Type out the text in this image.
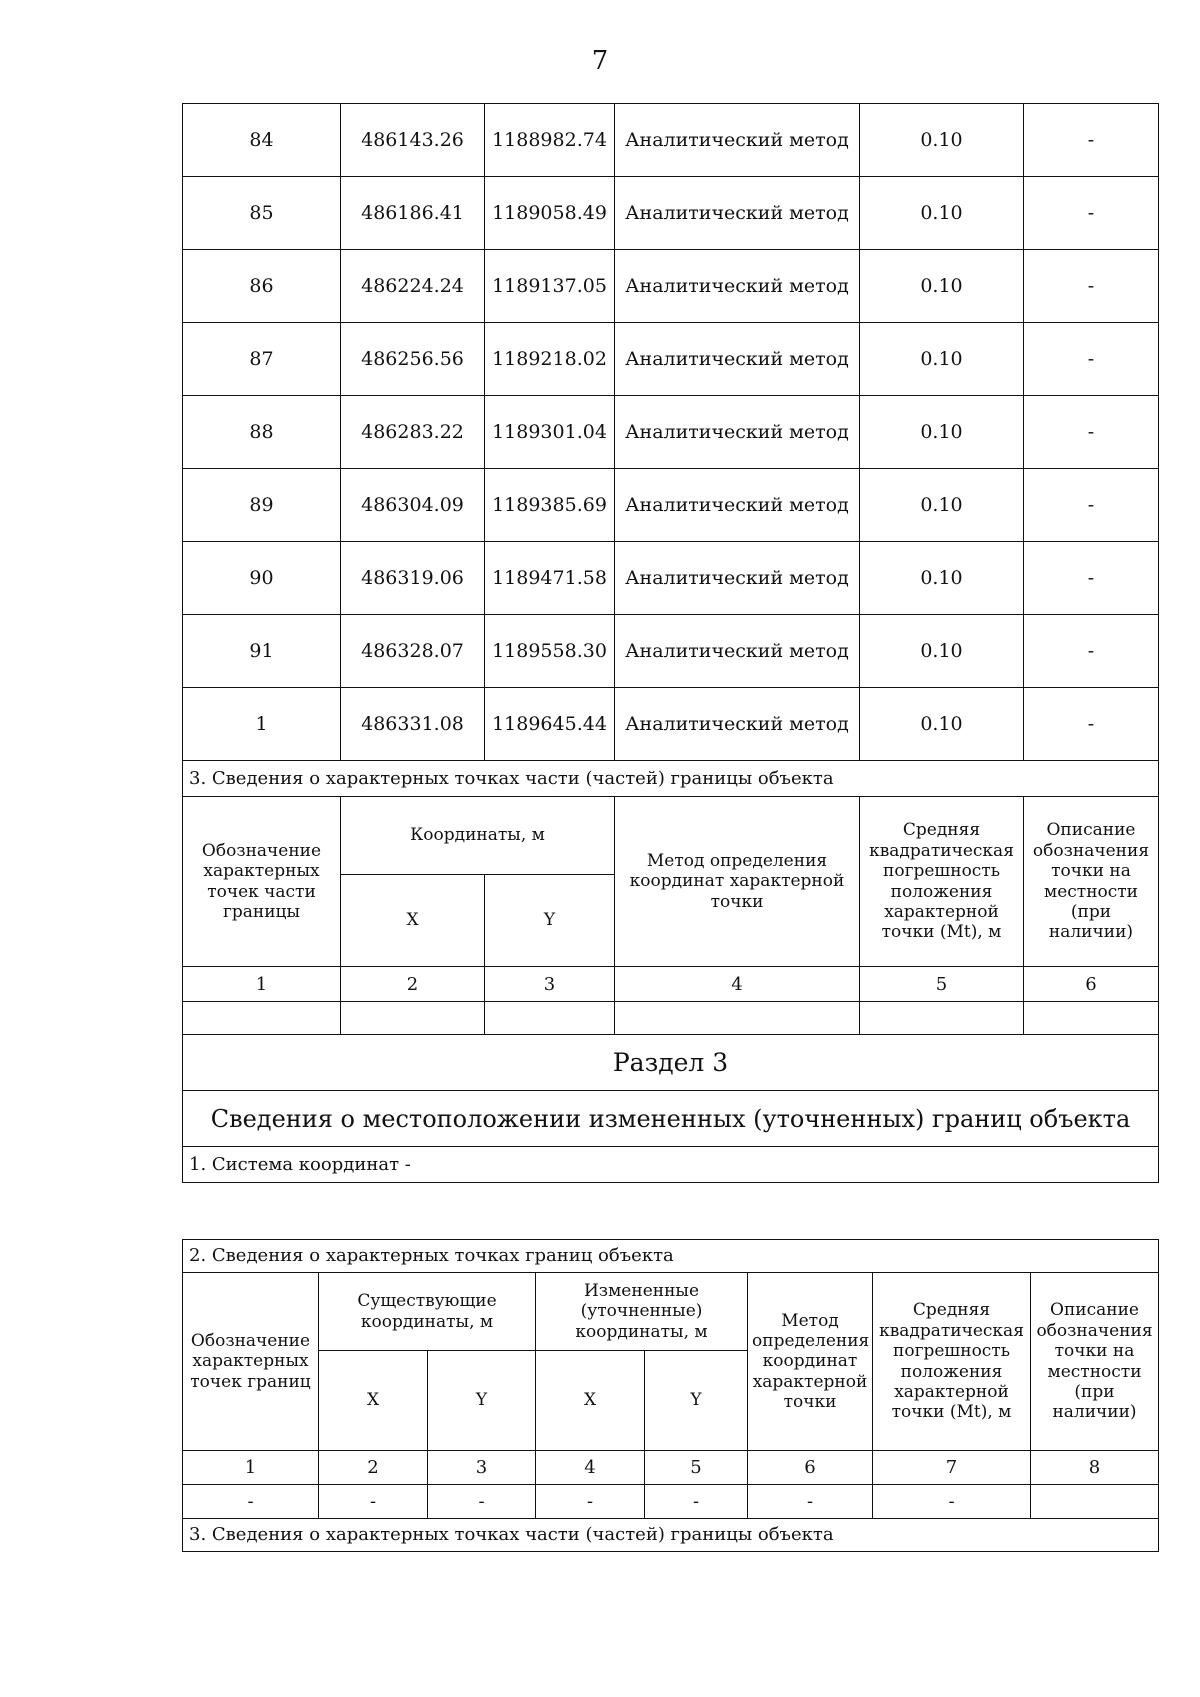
7
84	486143.26	1188982.74	Аналитический метод	0.10	-
85	486186.41	1189058.49	Аналитический метод	0.10	-
86	486224.24	1189137.05	Аналитический метод	0.10	-
87	486256.56	1189218.02	Аналитический метод	0.10	-
88	486283.22	1189301.04	Аналитический метод	0.10	-
89	486304.09	1189385.69	Аналитический метод	0.10	-
90	486319.06	1189471.58	Аналитический метод	0.10	-
91	486328.07	1189558.30	Аналитический метод	0.10	-
1	486331.08	1189645.44	Аналитический метод	0.10	-
3. Сведения о характерных точках части (частей) границы объекта					
Обозначение характерных точек части границы	Координаты, м		Метод определения координат характерной точки	Средняя квадратическая погрешность положения характерной точки (Mt), м	Описание обозначения точки на местности (при наличии)
	X	Y			
1	2	3	4	5	6

Раздел 3					
Сведения о местоположении измененных (уточненных) границ объекта					
1. Система координат -					
2. Сведения о характерных точках границ объекта							
Обозначение характерных точек границ	Существующие координаты, м		Измененные (уточненные) координаты, м		Метод определения координат характерной точки	Средняя квадратическая погрешность положения характерной точки (Mt), м	Описание обозначения точки на местности (при наличии)
	X	Y	X	Y			
1	2	3	4	5	6	7	8
-	-	-	-	-	-	-	
3. Сведения о характерных точках части (частей) границы объекта							
